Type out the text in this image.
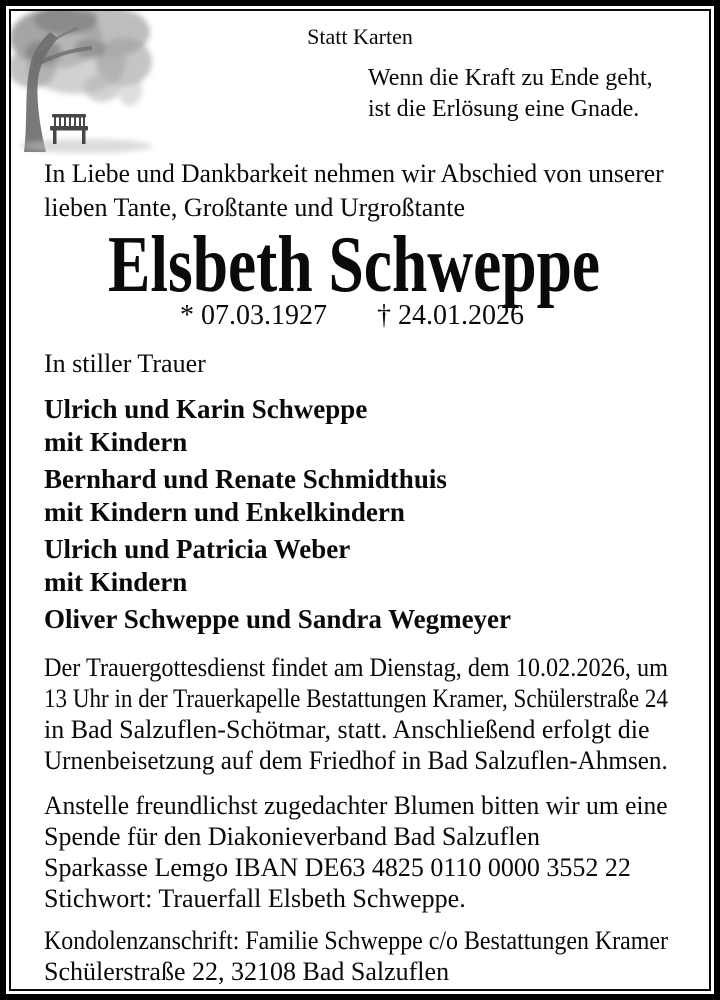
Statt Karten
Wenn die Kraft zu Ende geht,
ist die Erlösung eine Gnade.
In Liebe und Dankbarkeit nehmen wir Abschied von unserer
lieben Tante, Großtante und Urgroßtante
Elsbeth Schweppe
* 07.03.1927 † 24.01.2026
In stiller Trauer
Ulrich und Karin Schweppe
mit Kindern
Bernhard und Renate Schmidthuis
mit Kindern und Enkelkindern
Ulrich und Patricia Weber
mit Kindern
Oliver Schweppe und Sandra Wegmeyer
Der Trauergottesdienst findet am Dienstag, dem 10.02.2026, um
13 Uhr in der Trauerkapelle Bestattungen Kramer, Schülerstraße 24
in Bad Salzuflen-Schötmar, statt. Anschließend erfolgt die
Urnenbeisetzung auf dem Friedhof in Bad Salzuflen-Ahmsen.
Anstelle freundlichst zugedachter Blumen bitten wir um eine
Spende für den Diakonieverband Bad Salzuflen
Sparkasse Lemgo IBAN DE63 4825 0110 0000 3552 22
Stichwort: Trauerfall Elsbeth Schweppe.
Kondolenzanschrift: Familie Schweppe c/o Bestattungen Kramer
Schülerstraße 22, 32108 Bad Salzuflen
